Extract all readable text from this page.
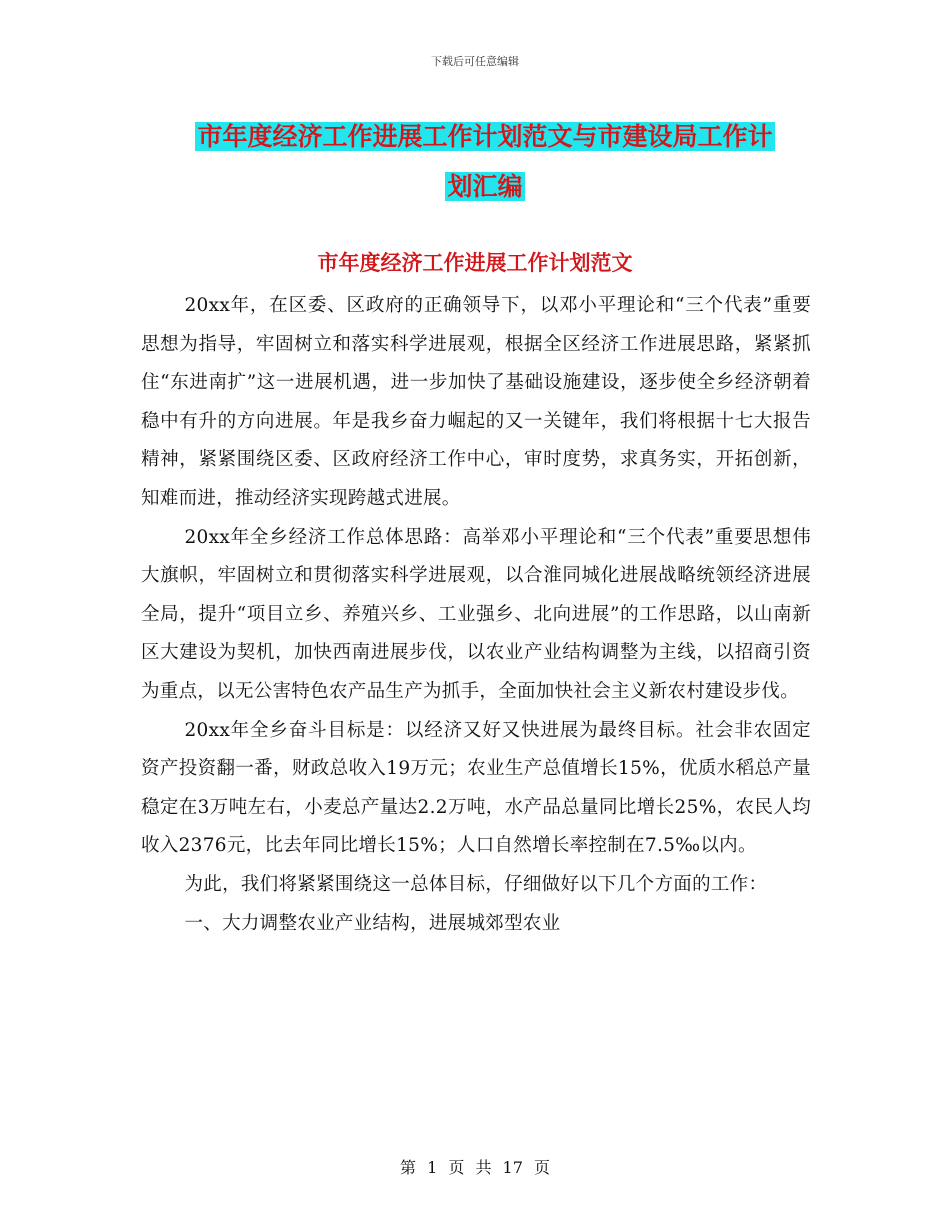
下载后可任意编辑
市年度经济工作进展工作计划范文与市建设局工作计
划汇编
市年度经济工作进展工作计划范文

20xx年，在区委、区政府的正确领导下，以邓小平理论和“三个代表”重要思想为指导，牢固树立和落实科学进展观，根据全区经济工作进展思路，紧紧抓住“东进南扩”这一进展机遇，进一步加快了基础设施建设，逐步使全乡经济朝着稳中有升的方向进展。年是我乡奋力崛起的又一关键年，我们将根据十七大报告精神，紧紧围绕区委、区政府经济工作中心，审时度势，求真务实，开拓创新，知难而进，推动经济实现跨越式进展。

20xx年全乡经济工作总体思路：高举邓小平理论和“三个代表”重要思想伟大旗帜，牢固树立和贯彻落实科学进展观，以合淮同城化进展战略统领经济进展全局，提升“项目立乡、养殖兴乡、工业强乡、北向进展”的工作思路，以山南新区大建设为契机，加快西南进展步伐，以农业产业结构调整为主线，以招商引资为重点，以无公害特色农产品生产为抓手，全面加快社会主义新农村建设步伐。

20xx年全乡奋斗目标是：以经济又好又快进展为最终目标。社会非农固定资产投资翻一番，财政总收入19万元；农业生产总值增长15%，优质水稻总产量稳定在3万吨左右，小麦总产量达2.2万吨，水产品总量同比增长25%，农民人均收入2376元，比去年同比增长15%；人口自然增长率控制在7.5‰以内。

为此，我们将紧紧围绕这一总体目标，仔细做好以下几个方面的工作：

一、大力调整农业产业结构，进展城郊型农业

第 1 页 共 17 页
